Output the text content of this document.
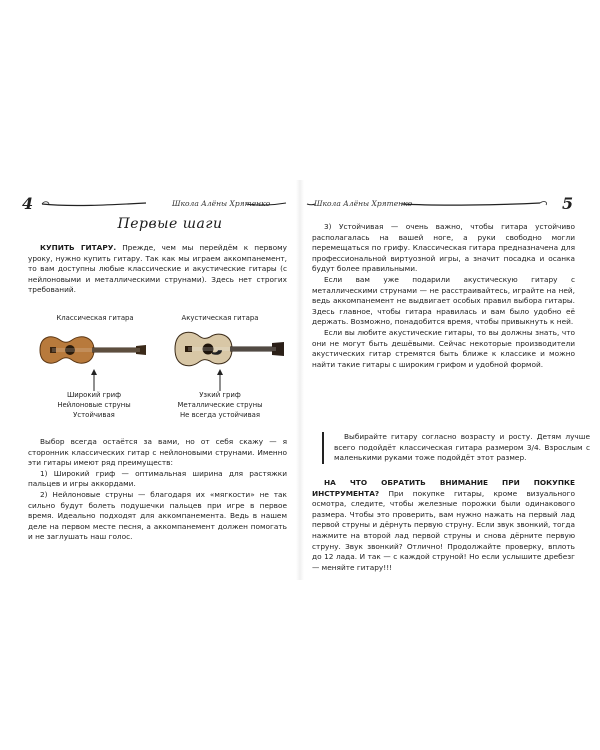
4	Школа Алёны Хрятенко
Первые шаги

КУПИТЬ ГИТАРУ. Прежде, чем мы перейдём к первому уроку, нужно купить гитару. Так как мы играем аккомпанемент, то вам доступны любые классические и акустические гитары (с нейлоновыми и металлическими струнами). Здесь нет строгих требований.

Классическая гитара
Широкий гриф
Нейлоновые струны
Устойчивая
Акустическая гитара
Узкий гриф
Металлические струны
Не всегда устойчивая

Выбор всегда остаётся за вами, но от себя скажу — я сторонник классических гитар с нейлоновыми струнами. Именно эти гитары имеют ряд преимуществ:

1) Широкий гриф — оптимальная ширина для растяжки пальцев и игры аккордами.

2) Нейлоновые струны — благодаря их «мягкости» не так сильно будут болеть подушечки пальцев при игре в первое время. Идеально подходят для аккомпанемента. Ведь в нашем деле на первом месте песня, а аккомпанемент должен помогать и не заглушать наш голос.

Школа Алёны Хрятенко	5

3) Устойчивая — очень важно, чтобы гитара устойчиво располагалась на вашей ноге, а руки свободно могли перемещаться по грифу. Классическая гитара предназначена для профессиональной виртуозной игры, а значит посадка и осанка будут более правильными.

Если вам уже подарили акустическую гитару с металлическими струнами — не расстраивайтесь, играйте на ней, ведь аккомпанемент не выдвигает особых правил выбора гитары. Здесь главное, чтобы гитара нравилась и вам было удобно её держать. Возможно, понадобится время, чтобы привыкнуть к ней.

Если вы любите акустические гитары, то вы должны знать, что они не могут быть дешёвыми. Сейчас некоторые производители акустических гитар стремятся быть ближе к классике и можно найти такие гитары с широким грифом и удобной формой.

Выбирайте гитару согласно возрасту и росту. Детям лучше всего подойдёт классическая гитара размером 3/4. Взрослым с маленькими руками тоже подойдёт этот размер.

НА ЧТО ОБРАТИТЬ ВНИМАНИЕ ПРИ ПОКУПКЕ ИНСТРУМЕНТА? При покупке гитары, кроме визуального осмотра, следите, чтобы железные порожки были одинакового размера. Чтобы это проверить, вам нужно нажать на первый лад первой струны и дёрнуть первую струну. Если звук звонкий, тогда нажмите на второй лад первой струны и снова дёрните первую струну. Звук звонкий? Отлично! Продолжайте проверку, вплоть до 12 лада. И так — с каждой струной! Но если услышите дребезг — меняйте гитару!!!
